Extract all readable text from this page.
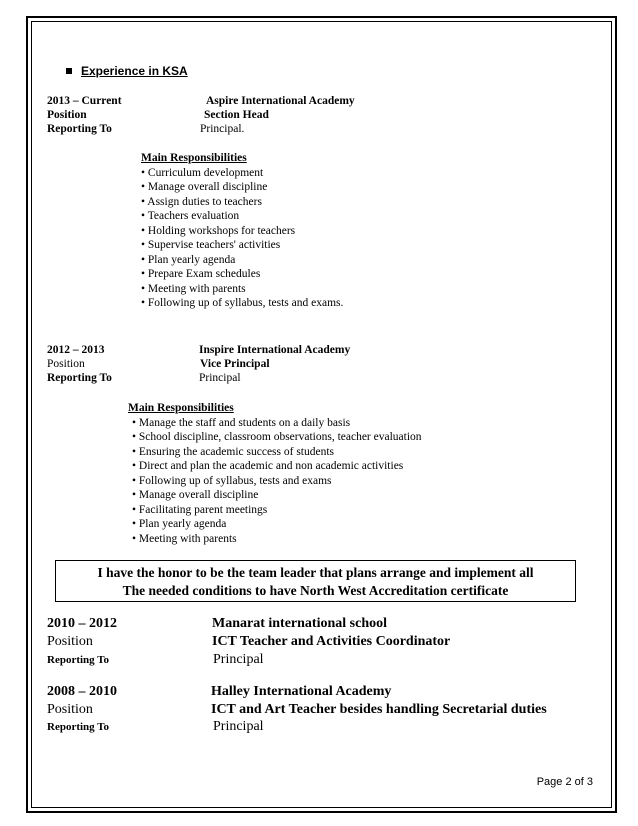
Experience in KSA
2013 – Current	Aspire International Academy
Position	Section Head
Reporting To	Principal.
Main Responsibilities
• Curriculum development
• Manage overall discipline
• Assign duties to teachers
• Teachers evaluation
• Holding workshops for teachers
• Supervise teachers' activities
• Plan yearly agenda
• Prepare Exam schedules
• Meeting with parents
• Following up of syllabus, tests and exams.
2012 – 2013	Inspire International Academy
Position	Vice Principal
Reporting To	Principal
Main Responsibilities
• Manage the staff and students on a daily basis
• School discipline, classroom observations, teacher evaluation
• Ensuring the academic success of students
• Direct and plan the academic and non academic activities
• Following up of syllabus, tests and exams
• Manage overall discipline
• Facilitating parent meetings
• Plan yearly agenda
• Meeting with parents
I have the honor to be the team leader that plans arrange and implement all
The needed conditions to have North West Accreditation certificate
2010 – 2012	Manarat international school
Position	ICT Teacher and Activities Coordinator
Reporting To	Principal
2008 – 2010	Halley International Academy
Position	ICT and Art Teacher besides handling Secretarial duties
Reporting To	Principal
Page 2 of 3
